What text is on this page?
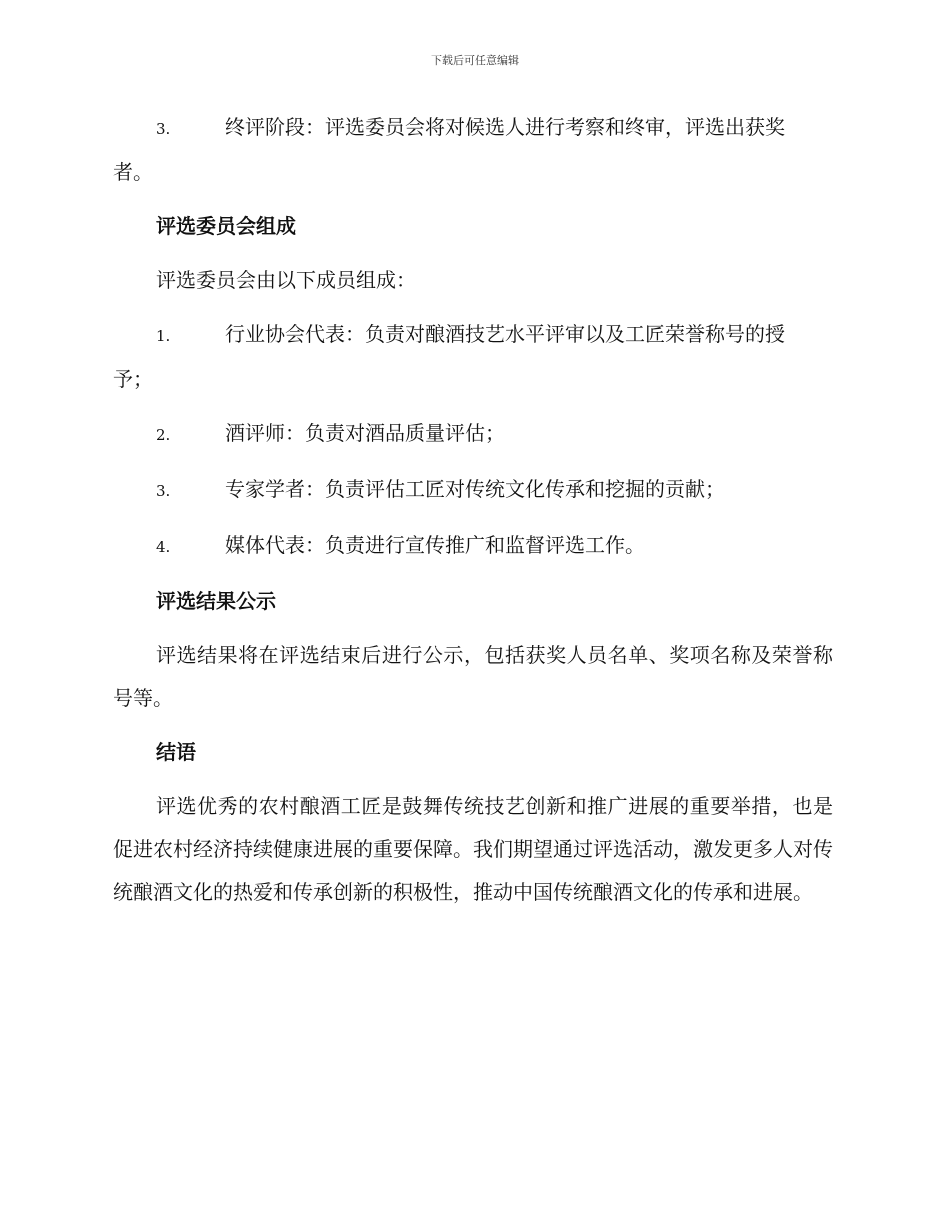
下载后可任意编辑
3.	终评阶段：评选委员会将对候选人进行考察和终审，评选出获奖
者。
评选委员会组成
评选委员会由以下成员组成：
1.	行业协会代表：负责对酿酒技艺水平评审以及工匠荣誉称号的授
予；
2.	酒评师：负责对酒品质量评估；
3.	专家学者：负责评估工匠对传统文化传承和挖掘的贡献；
4.	媒体代表：负责进行宣传推广和监督评选工作。
评选结果公示
评选结果将在评选结束后进行公示，包括获奖人员名单、奖项名称及荣誉称号等。
结语
评选优秀的农村酿酒工匠是鼓舞传统技艺创新和推广进展的重要举措，也是促进农村经济持续健康进展的重要保障。我们期望通过评选活动，激发更多人对传统酿酒文化的热爱和传承创新的积极性，推动中国传统酿酒文化的传承和进展。
